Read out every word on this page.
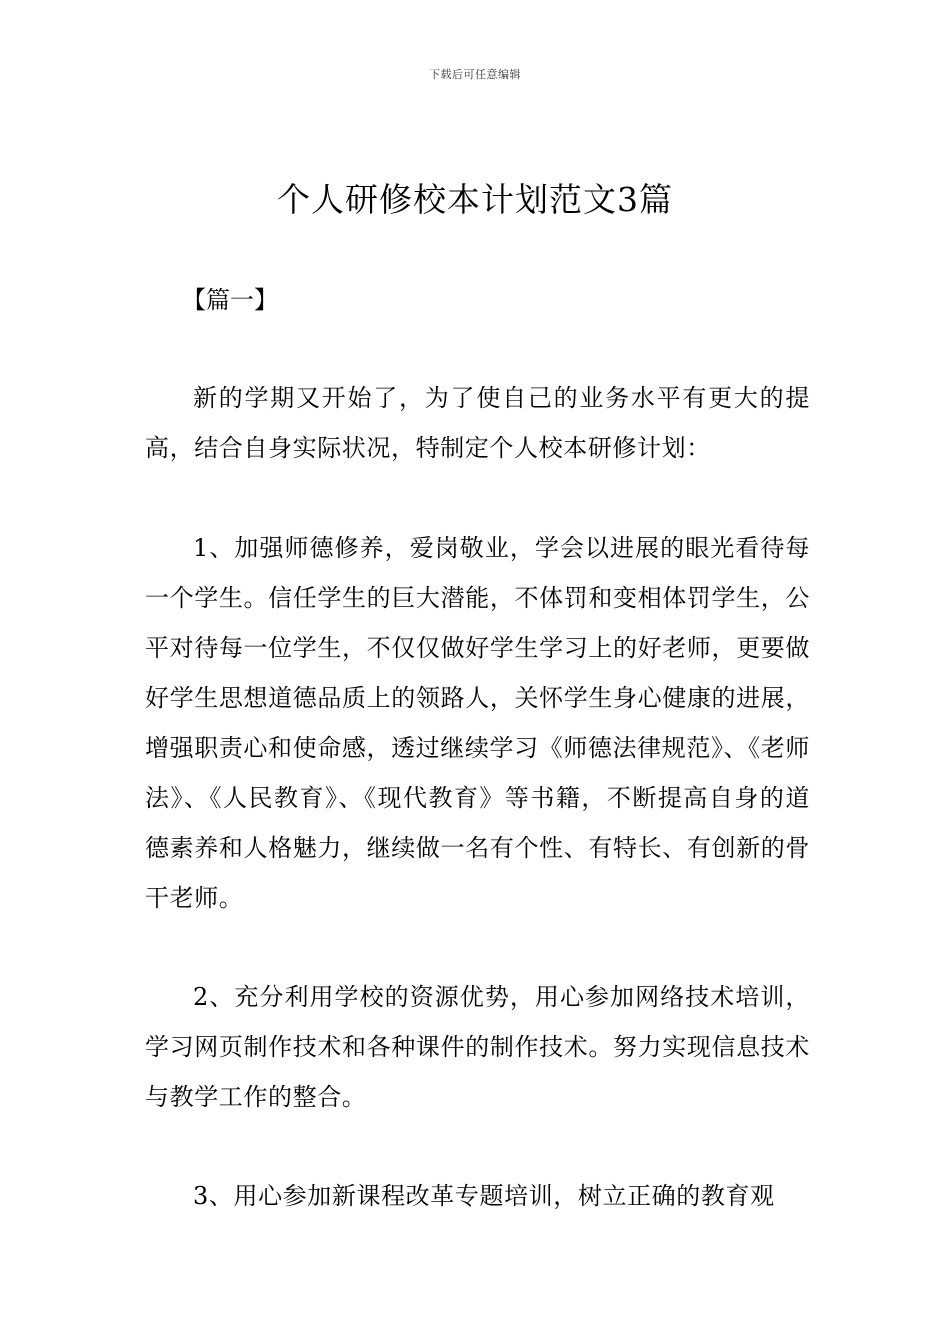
下载后可任意编辑
个人研修校本计划范文3篇

【篇一】

新的学期又开始了，为了使自己的业务水平有更大的提高，结合自身实际状况，特制定个人校本研修计划：

1、加强师德修养，爱岗敬业，学会以进展的眼光看待每一个学生。信任学生的巨大潜能，不体罚和变相体罚学生，公平对待每一位学生，不仅仅做好学生学习上的好老师，更要做好学生思想道德品质上的领路人，关怀学生身心健康的进展，增强职责心和使命感，透过继续学习《师德法律规范》、《老师法》、《人民教育》、《现代教育》等书籍，不断提高自身的道德素养和人格魅力，继续做一名有个性、有特长、有创新的骨干老师。

2、充分利用学校的资源优势，用心参加网络技术培训，学习网页制作技术和各种课件的制作技术。努力实现信息技术与教学工作的整合。

3、用心参加新课程改革专题培训，树立正确的教育观
